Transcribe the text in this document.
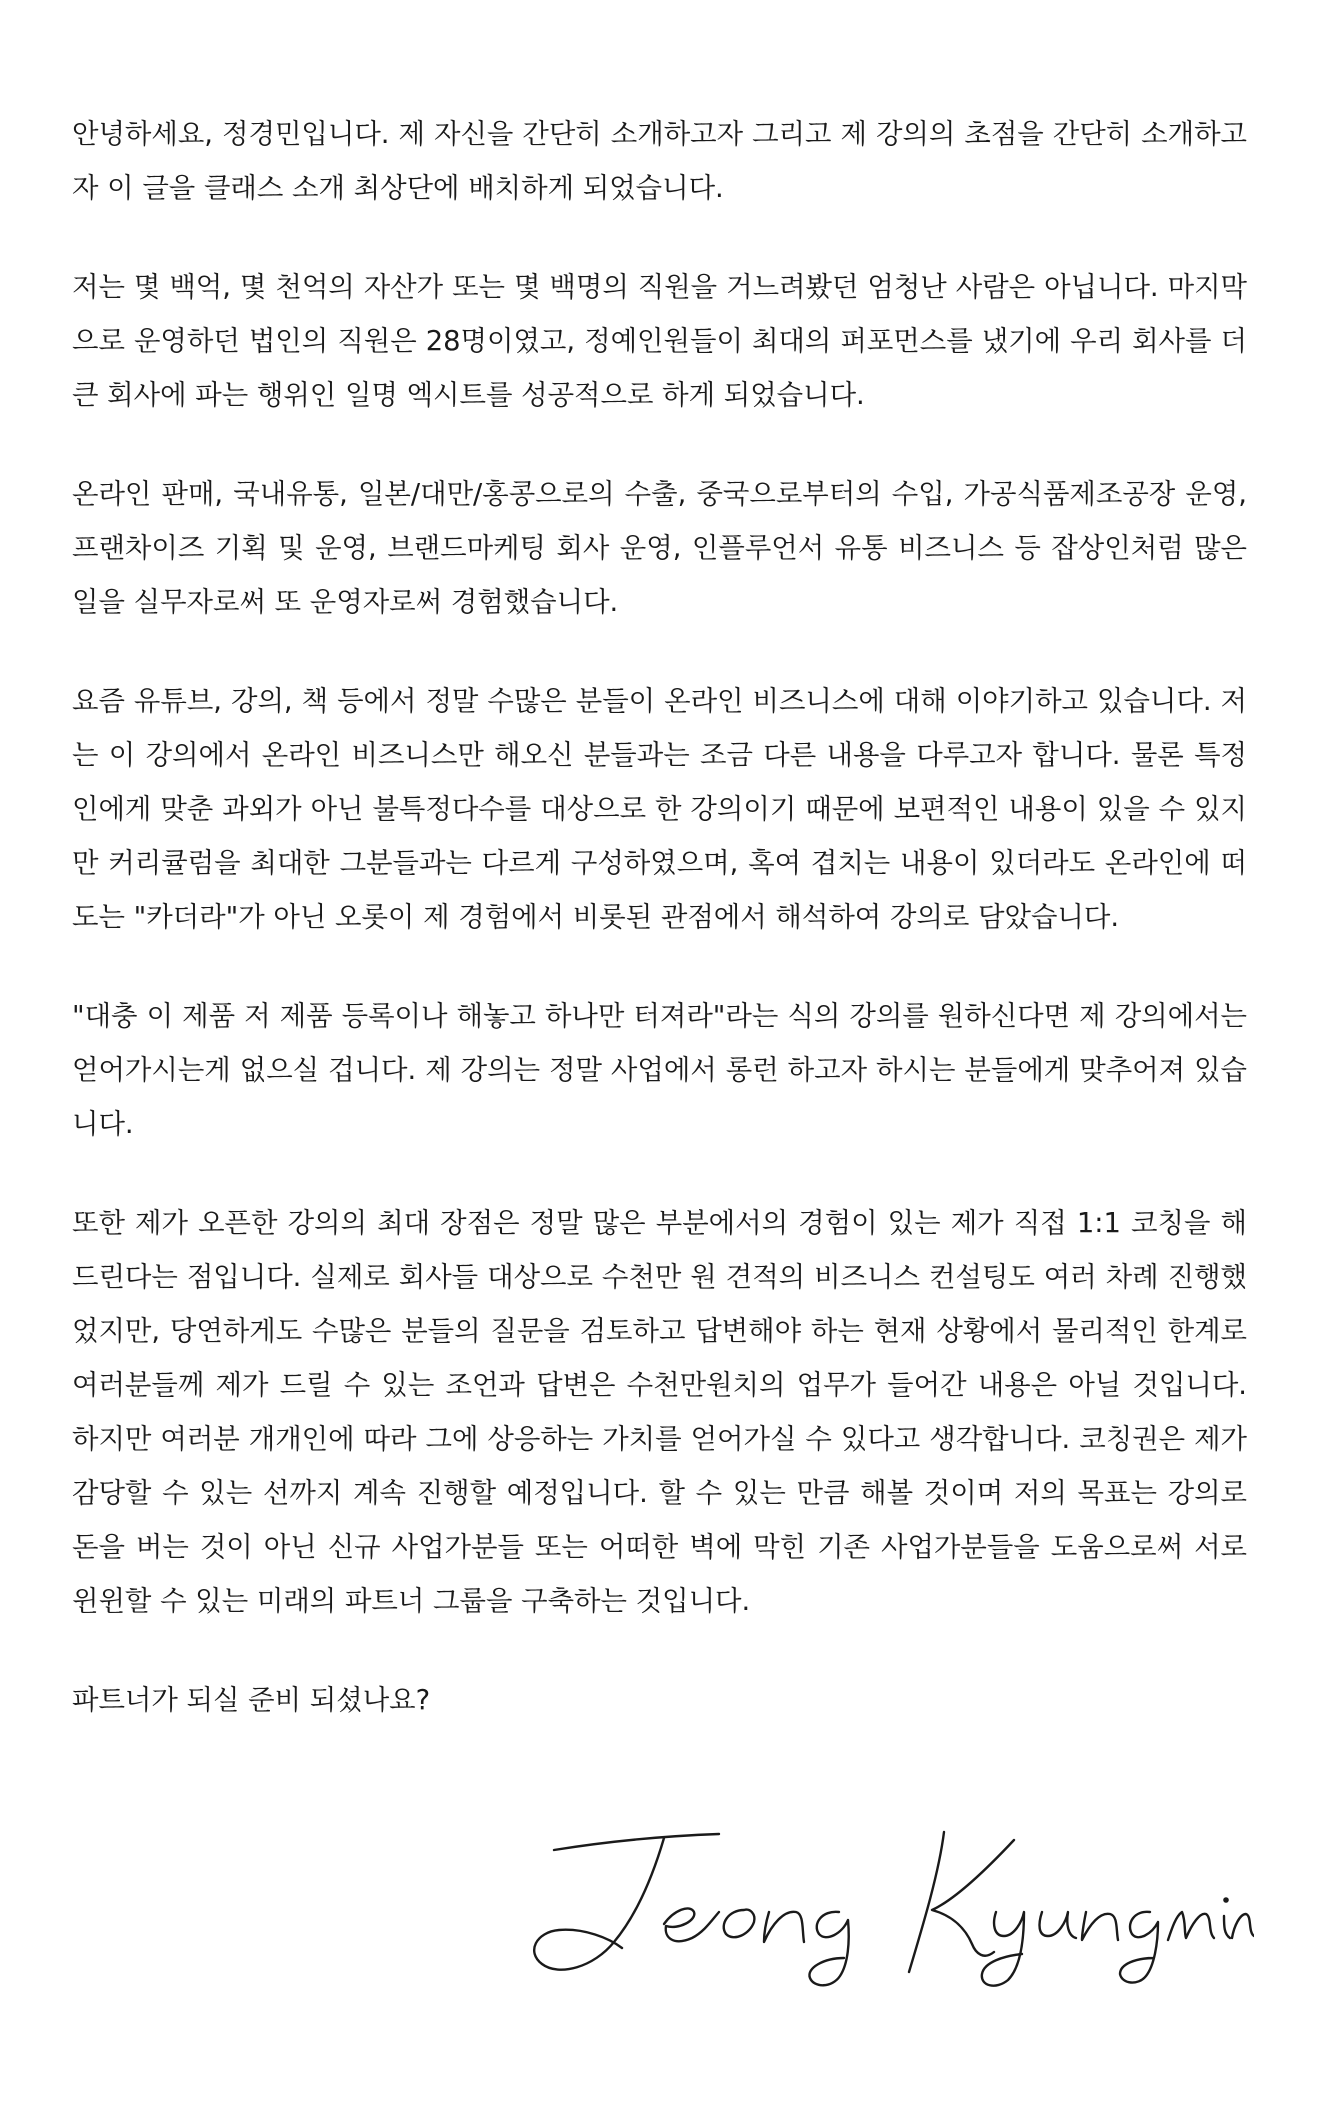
안녕하세요, 정경민입니다. 제 자신을 간단히 소개하고자 그리고 제 강의의 초점을 간단히 소개하고자 이 글을 클래스 소개 최상단에 배치하게 되었습니다.

저는 몇 백억, 몇 천억의 자산가 또는 몇 백명의 직원을 거느려봤던 엄청난 사람은 아닙니다. 마지막으로 운영하던 법인의 직원은 28명이였고, 정예인원들이 최대의 퍼포먼스를 냈기에 우리 회사를 더 큰 회사에 파는 행위인 일명 엑시트를 성공적으로 하게 되었습니다.

온라인 판매, 국내유통, 일본/대만/홍콩으로의 수출, 중국으로부터의 수입, 가공식품제조공장 운영, 프랜차이즈 기획 및 운영, 브랜드마케팅 회사 운영, 인플루언서 유통 비즈니스 등 잡상인처럼 많은 일을 실무자로써 또 운영자로써 경험했습니다.

요즘 유튜브, 강의, 책 등에서 정말 수많은 분들이 온라인 비즈니스에 대해 이야기하고 있습니다. 저는 이 강의에서 온라인 비즈니스만 해오신 분들과는 조금 다른 내용을 다루고자 합니다. 물론 특정인에게 맞춘 과외가 아닌 불특정다수를 대상으로 한 강의이기 때문에 보편적인 내용이 있을 수 있지만 커리큘럼을 최대한 그분들과는 다르게 구성하였으며, 혹여 겹치는 내용이 있더라도 온라인에 떠도는 "카더라"가 아닌 오롯이 제 경험에서 비롯된 관점에서 해석하여 강의로 담았습니다.

"대충 이 제품 저 제품 등록이나 해놓고 하나만 터져라"라는 식의 강의를 원하신다면 제 강의에서는 얻어가시는게 없으실 겁니다. 제 강의는 정말 사업에서 롱런 하고자 하시는 분들에게 맞추어져 있습니다.

또한 제가 오픈한 강의의 최대 장점은 정말 많은 부분에서의 경험이 있는 제가 직접 1:1 코칭을 해드린다는 점입니다. 실제로 회사들 대상으로 수천만 원 견적의 비즈니스 컨설팅도 여러 차례 진행했었지만, 당연하게도 수많은 분들의 질문을 검토하고 답변해야 하는 현재 상황에서 물리적인 한계로 여러분들께 제가 드릴 수 있는 조언과 답변은 수천만원치의 업무가 들어간 내용은 아닐 것입니다. 하지만 여러분 개개인에 따라 그에 상응하는 가치를 얻어가실 수 있다고 생각합니다. 코칭권은 제가 감당할 수 있는 선까지 계속 진행할 예정입니다. 할 수 있는 만큼 해볼 것이며 저의 목표는 강의로 돈을 버는 것이 아닌 신규 사업가분들 또는 어떠한 벽에 막힌 기존 사업가분들을 도움으로써 서로 윈윈할 수 있는 미래의 파트너 그룹을 구축하는 것입니다.

파트너가 되실 준비 되셨나요?
